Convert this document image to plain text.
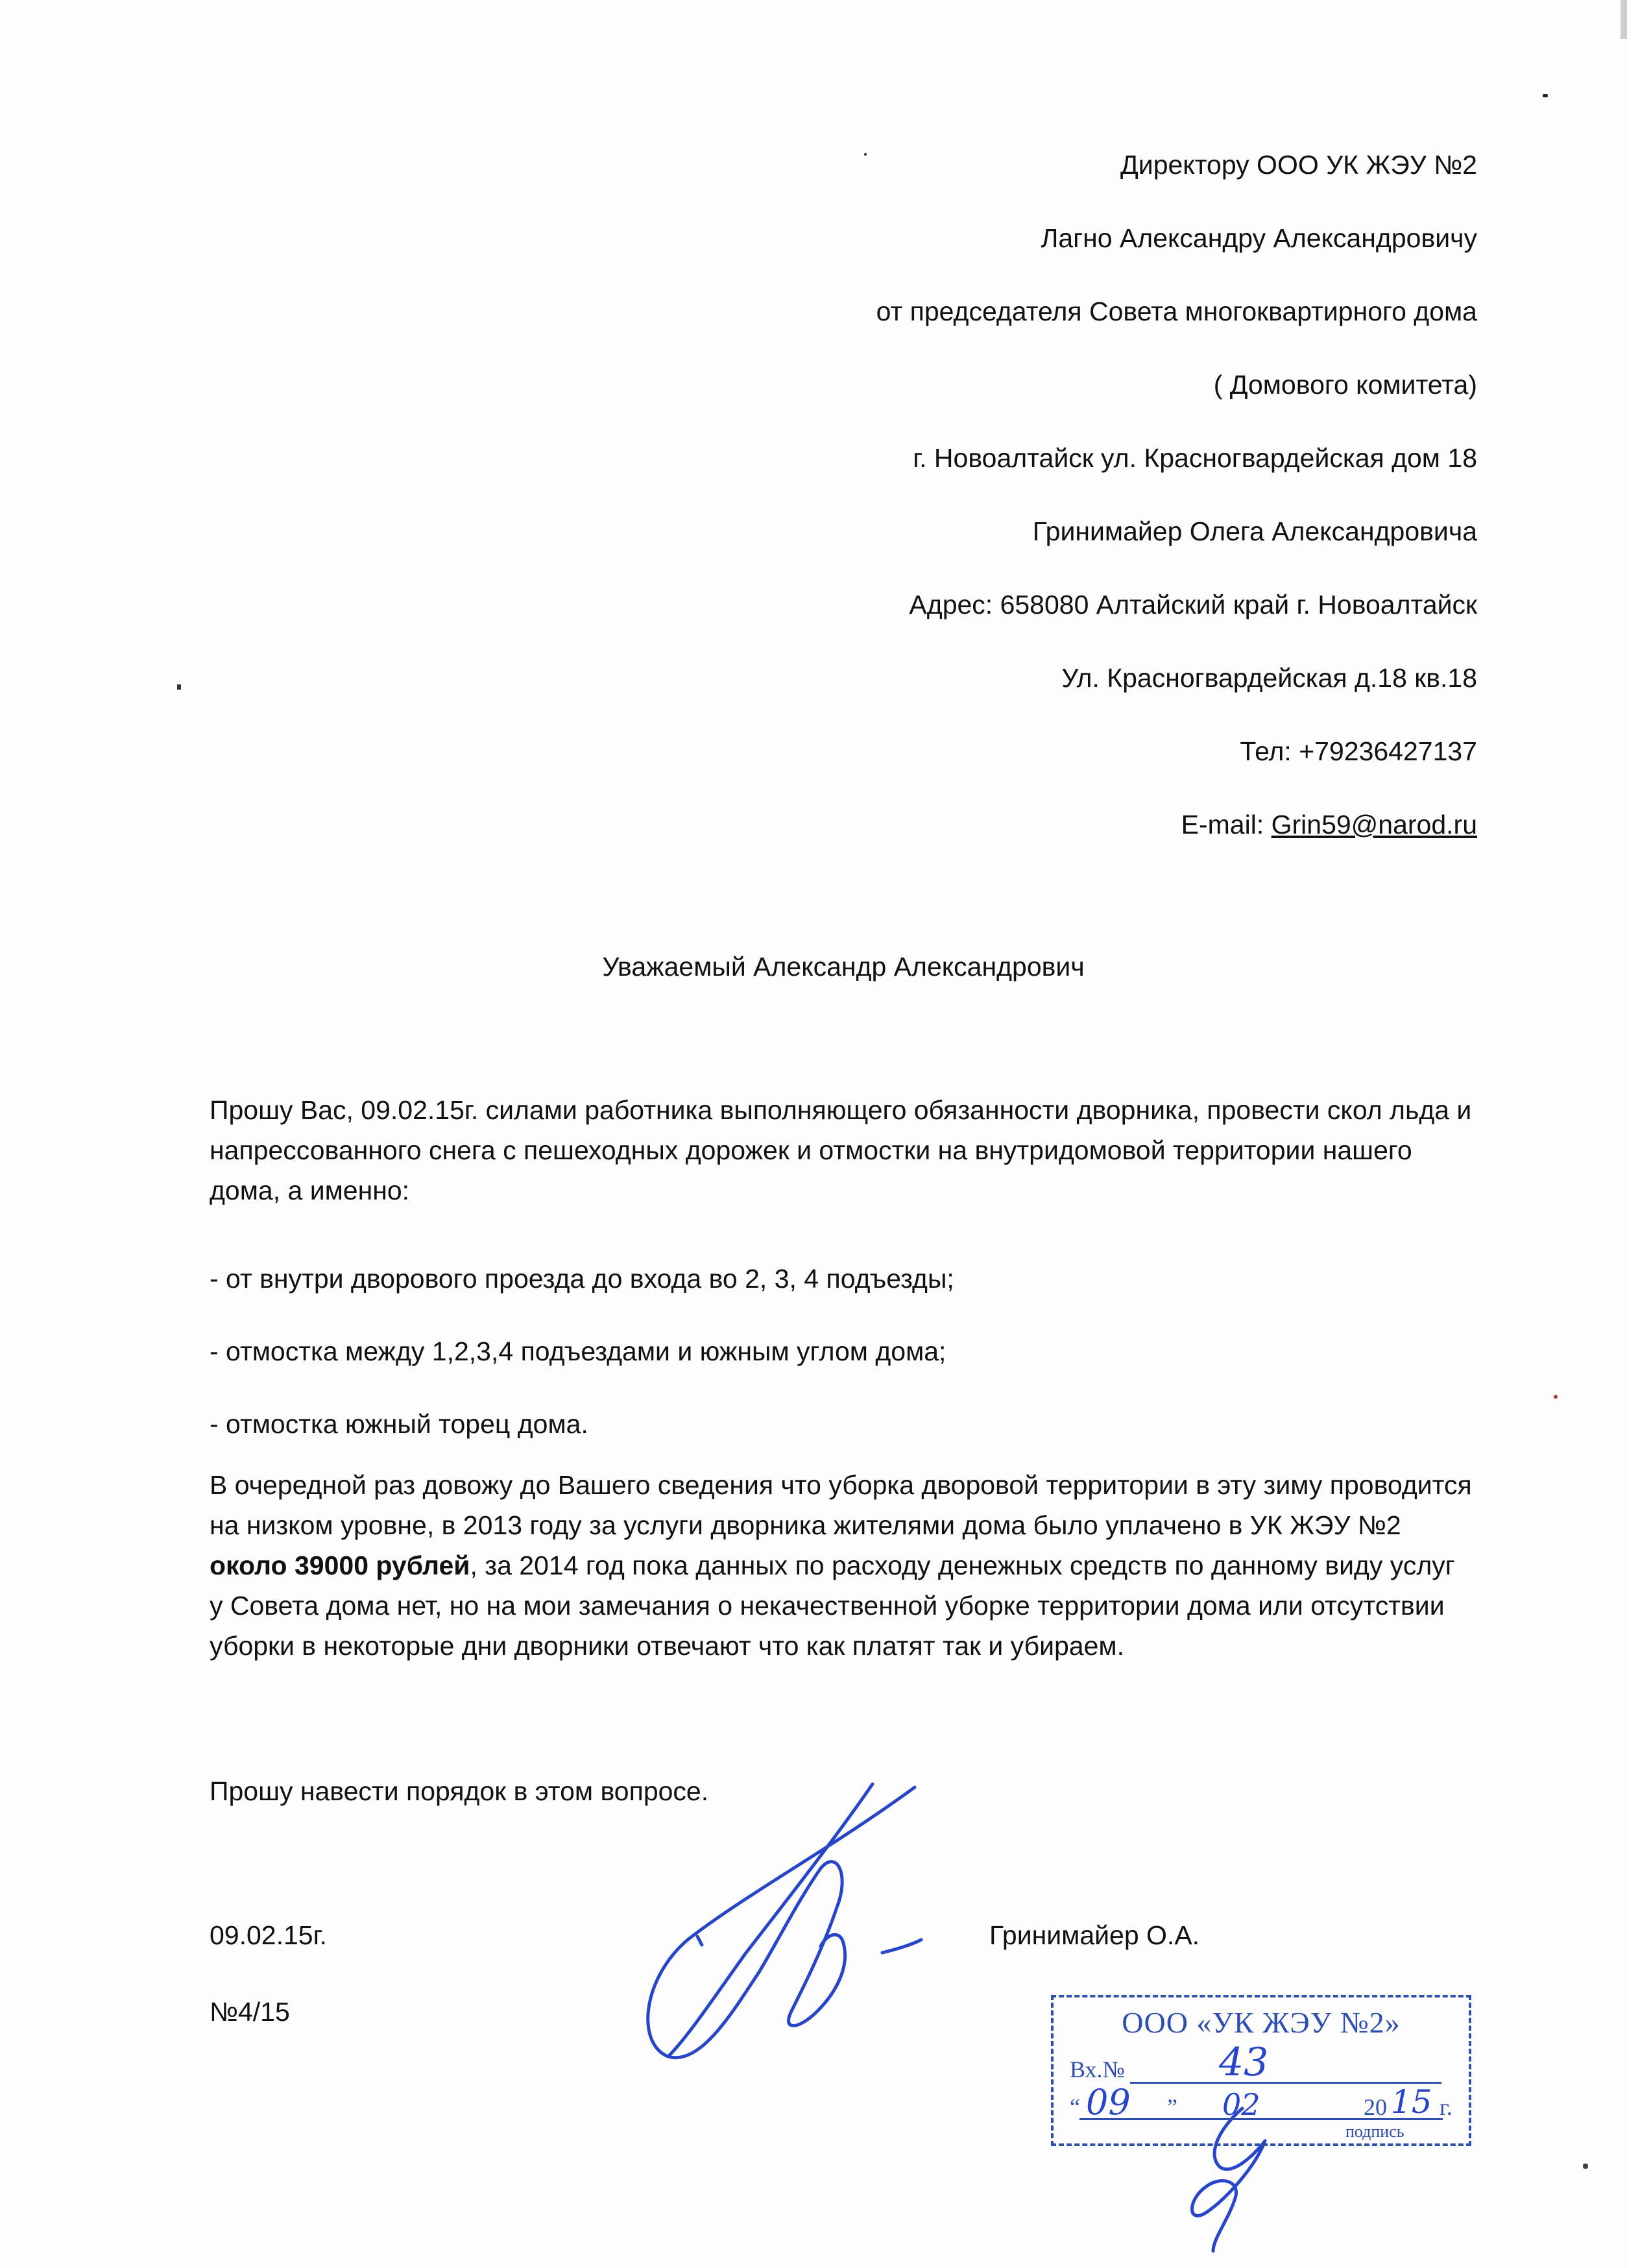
Директору ООО УК ЖЭУ №2
Лагно Александру Александровичу
от председателя Совета многоквартирного дома
( Домового комитета)
г. Новоалтайск ул. Красногвардейская дом 18
Гринимайер Олега Александровича
Адрес: 658080 Алтайский край г. Новоалтайск
Ул. Красногвардейская д.18 кв.18
Тел: +79236427137
E-mail: Grin59@narod.ru
Уважаемый Александр Александрович
Прошу Вас, 09.02.15г. силами работника выполняющего обязанности дворника, провести скол льда и напрессованного снега с пешеходных дорожек и отмостки на внутридомовой территории нашего дома, а именно:
- от внутри дворового проезда до входа во 2, 3, 4 подъезды;
- отмостка между 1,2,3,4 подъездами и южным углом дома;
- отмостка южный торец дома.
В очередной раз довожу до Вашего сведения что уборка дворовой территории в эту зиму проводится на низком уровне, в 2013 году за услуги дворника жителями дома было уплачено в УК ЖЭУ №2 около 39000 рублей, за 2014 год пока данных по расходу денежных средств по данному виду услуг у Совета дома нет, но на мои замечания о некачественной уборке территории дома или отсутствии уборки в некоторые дни дворники отвечают что как платят так и убираем.
Прошу навести порядок в этом вопросе.
09.02.15г.
№4/15
Гринимайер О.А.
ООО «УК ЖЭУ №2»
Вх.№ 43
“ 09 ” 02	20 15 г.
подпись
